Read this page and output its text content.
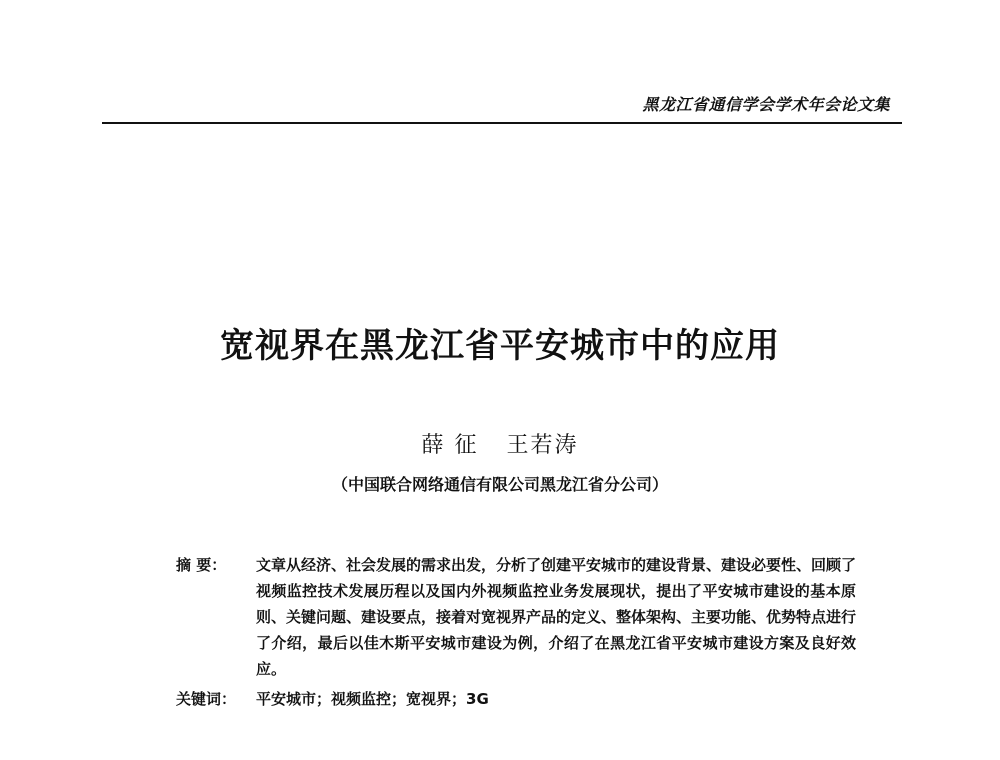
黑龙江省通信学会学术年会论文集
宽视界在黑龙江省平安城市中的应用
薛 征 王若涛
（中国联合网络通信有限公司黑龙江省分公司）
摘 要：	文章从经济、社会发展的需求出发，分析了创建平安城市的建设背景、建设必要性、回顾了视频监控技术发展历程以及国内外视频监控业务发展现状，提出了平安城市建设的基本原则、关键问题、建设要点，接着对宽视界产品的定义、整体架构、主要功能、优势特点进行了介绍，最后以佳木斯平安城市建设为例，介绍了在黑龙江省平安城市建设方案及良好效应。
关键词：	平安城市；视频监控；宽视界；3G
